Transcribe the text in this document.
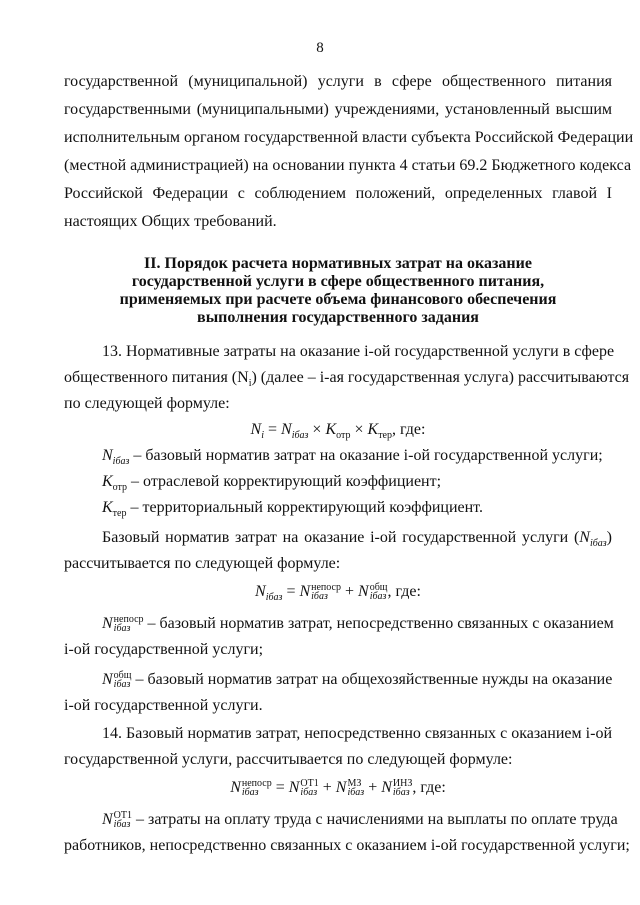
8
государственной (муниципальной) услуги в сфере общественного питания
государственными (муниципальными) учреждениями, установленный высшим
исполнительным органом государственной власти субъекта Российской Федерации
(местной администрацией) на основании пункта 4 статьи 69.2 Бюджетного кодекса
Российской Федерации с соблюдением положений, определенных главой I
настоящих Общих требований.
II. Порядок расчета нормативных затрат на оказание
государственной услуги в сфере общественного питания,
применяемых при расчете объема финансового обеспечения
выполнения государственного задания
13. Нормативные затраты на оказание i-ой государственной услуги в сфере
общественного питания $(N_i)$ (далее – i-ая государственная услуга) рассчитываются
по следующей формуле:
$N_i = N_{iбаз} \times K_{отр} \times K_{тер}$, где:
$N_{iбаз}$ – базовый норматив затрат на оказание i-ой государственной услуги;
$K_{отр}$ – отраслевой корректирующий коэффициент;
$K_{тер}$ – территориальный корректирующий коэффициент.
Базовый норматив затрат на оказание i-ой государственной услуги $(N_{iбаз})$
рассчитывается по следующей формуле:
$N_{iбаз} = N$ непоср
iбаз + N общ
iбаз , где:
N непоср
iбаз – базовый норматив затрат, непосредственно связанных с оказанием
i-ой государственной услуги;
N общ
iбаз – базовый норматив затрат на общехозяйственные нужды на оказание
i-ой государственной услуги.
14. Базовый норматив затрат, непосредственно связанных с оказанием i-ой
государственной услуги, рассчитывается по следующей формуле:
N непоср
iбаз = N ОТ1
iбаз + N МЗ
iбаз + N ИНЗ
iбаз , где:
N ОТ1
iбаз – затраты на оплату труда с начислениями на выплаты по оплате труда
работников, непосредственно связанных с оказанием i-ой государственной услуги;
